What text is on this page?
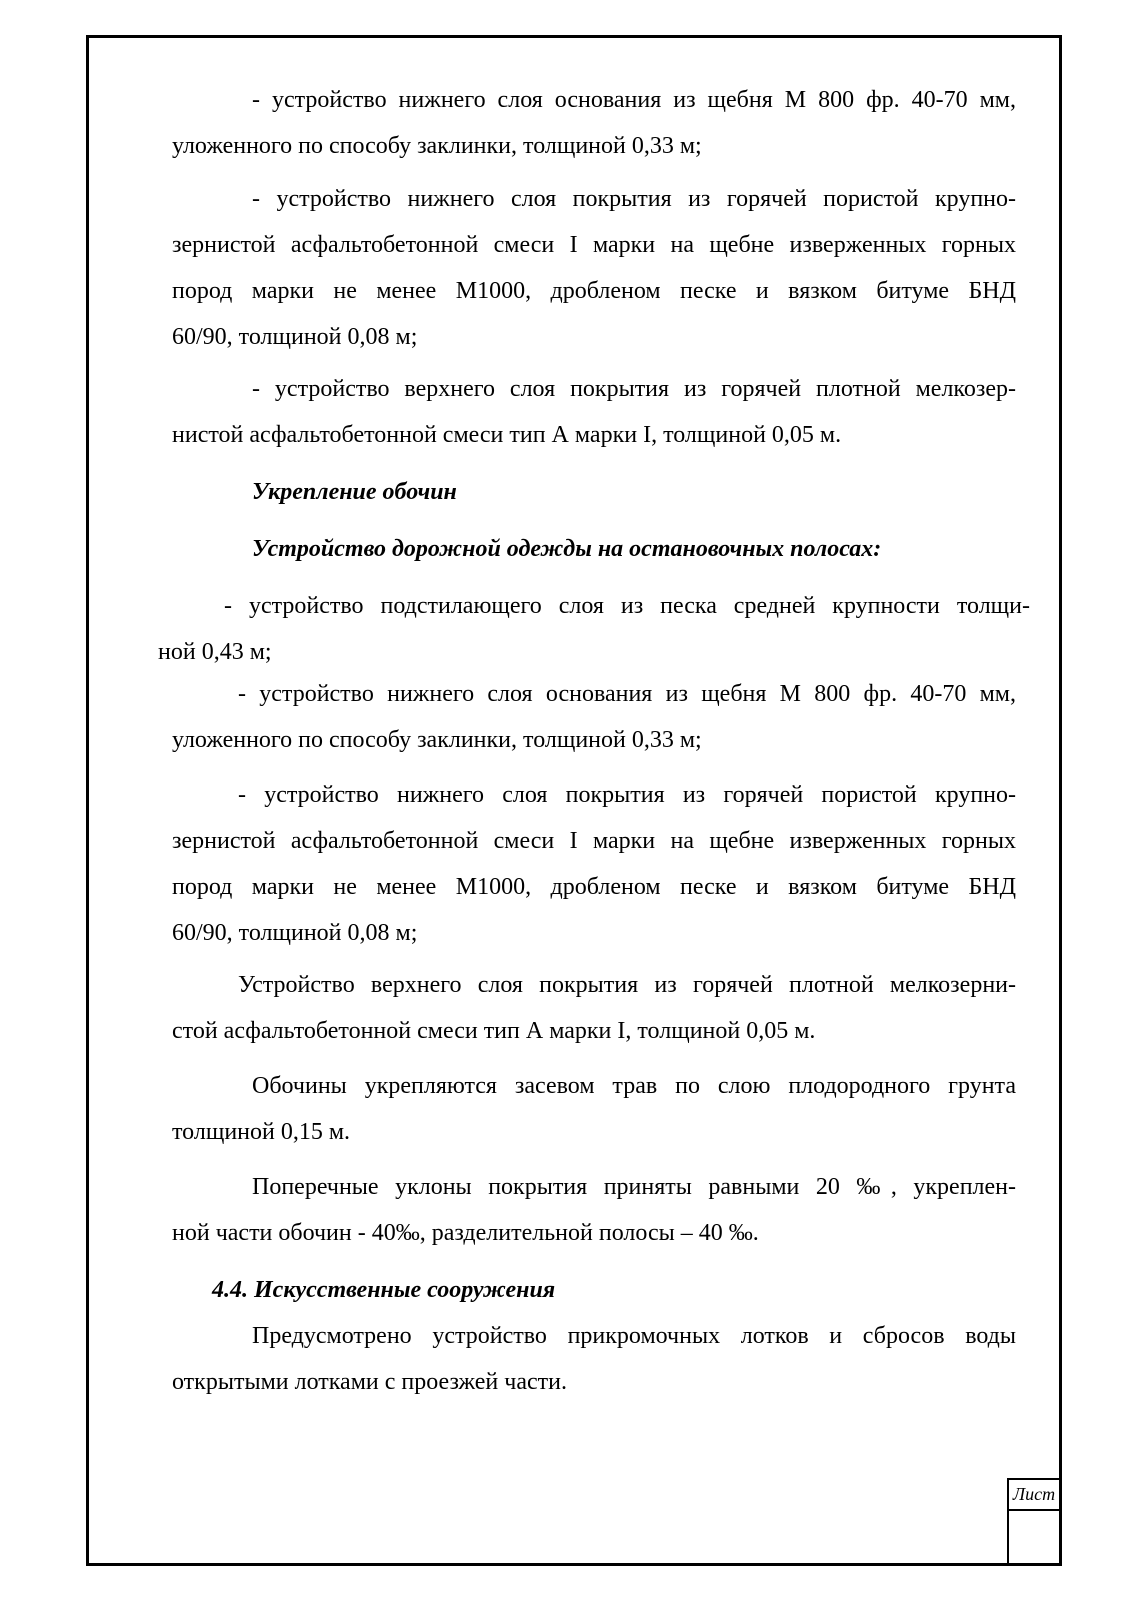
Лист
- устройство нижнего слоя основания из щебня М 800 фр. 40-70 мм,
уложенного по способу заклинки, толщиной 0,33 м;
- устройство нижнего слоя покрытия из горячей пористой крупно-
зернистой асфальтобетонной смеси I марки на щебне изверженных горных
пород марки не менее М1000, дробленом песке и вязком битуме БНД
60/90, толщиной 0,08 м;
- устройство верхнего слоя покрытия из горячей плотной мелкозер-
нистой асфальтобетонной смеси тип А марки I, толщиной 0,05 м.
Укрепление обочин
Устройство дорожной одежды на остановочных полосах:
- устройство подстилающего слоя из песка средней крупности толщи-
ной 0,43 м;
- устройство нижнего слоя основания из щебня М 800 фр. 40-70 мм,
уложенного по способу заклинки, толщиной 0,33 м;
- устройство нижнего слоя покрытия из горячей пористой крупно-
зернистой асфальтобетонной смеси I марки на щебне изверженных горных
пород марки не менее М1000, дробленом песке и вязком битуме БНД
60/90, толщиной 0,08 м;
Устройство верхнего слоя покрытия из горячей плотной мелкозерни-
стой асфальтобетонной смеси тип А марки I, толщиной 0,05 м.
Обочины укрепляются засевом трав по слою плодородного грунта
толщиной 0,15 м.
Поперечные уклоны покрытия приняты равными 20 ‰, укреплен-
ной части обочин - 40‰, разделительной полосы – 40 ‰.
4.4. Искусственные сооружения
Предусмотрено устройство прикромочных лотков и сбросов воды
открытыми лотками с проезжей части.
